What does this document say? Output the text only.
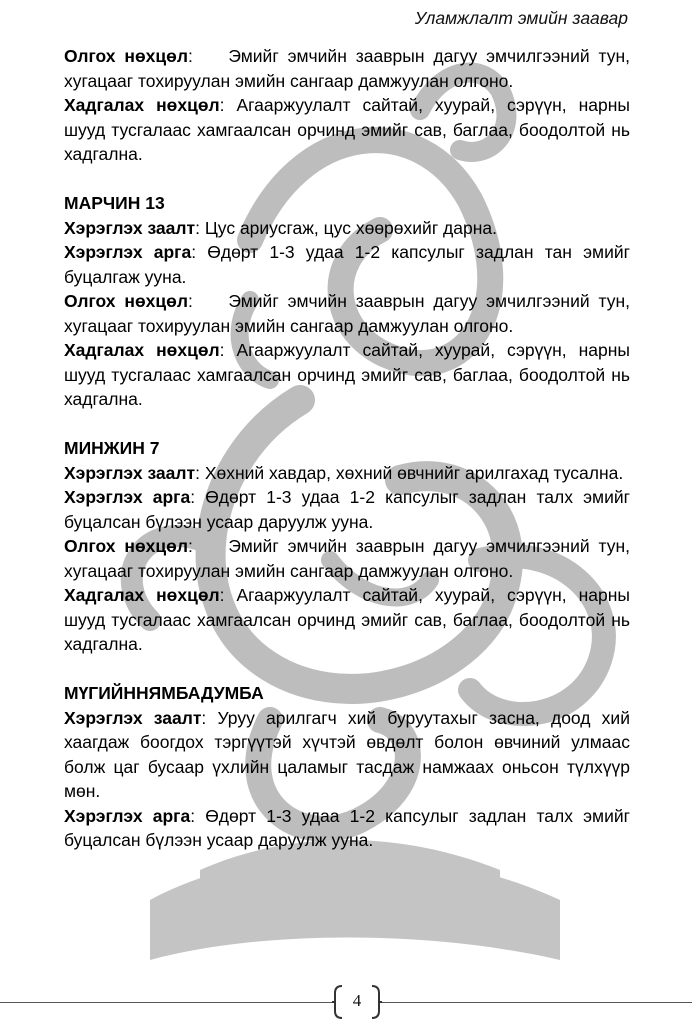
Уламжлалт эмийн заавар

Олгох нөхцөл:    Эмийг эмчийн зааврын дагуу эмчилгээний тун, хугацааг тохируулан эмийн сангаар дамжуулан олгоно.

Хадгалах нөхцөл: Агааржуулалт сайтай, хуурай, сэрүүн, нарны шууд тусгалаас хамгаалсан орчинд эмийг сав, баглаа, боодолтой нь хадгална.

МАРЧИН 13

Хэрэглэх заалт: Цус ариусгаж, цус хөөрөхийг дарна.

Хэрэглэх арга: Өдөрт 1-3 удаа 1-2 капсулыг задлан тан эмийг буцалгаж ууна.

Олгох нөхцөл:    Эмийг эмчийн зааврын дагуу эмчилгээний тун, хугацааг тохируулан эмийн сангаар дамжуулан олгоно.

Хадгалах нөхцөл: Агааржуулалт сайтай, хуурай, сэрүүн, нарны шууд тусгалаас хамгаалсан орчинд эмийг сав, баглаа, боодолтой нь хадгална.

МИНЖИН 7

Хэрэглэх заалт: Хөхний хавдар, хөхний өвчнийг арилгахад тусална.

Хэрэглэх арга: Өдөрт 1-3 удаа 1-2 капсулыг задлан талх эмийг буцалсан бүлээн усаар даруулж ууна.

Олгох нөхцөл:    Эмийг эмчийн зааврын дагуу эмчилгээний тун, хугацааг тохируулан эмийн сангаар дамжуулан олгоно.

Хадгалах нөхцөл: Агааржуулалт сайтай, хуурай, сэрүүн, нарны шууд тусгалаас хамгаалсан орчинд эмийг сав, баглаа, боодолтой нь хадгална.

МҮГИЙННЯМБАДУМБА

Хэрэглэх заалт: Уруу арилгагч хий буруутахыг засна, доод хий хаагдаж боогдох тэргүүтэй хүчтэй өвдөлт болон өвчиний улмаас болж цаг бусаар үхлийн цаламыг тасдаж намжаах оньсон түлхүүр мөн.

Хэрэглэх арга: Өдөрт 1-3 удаа 1-2 капсулыг задлан талх эмийг буцалсан бүлээн усаар даруулж ууна.

4
